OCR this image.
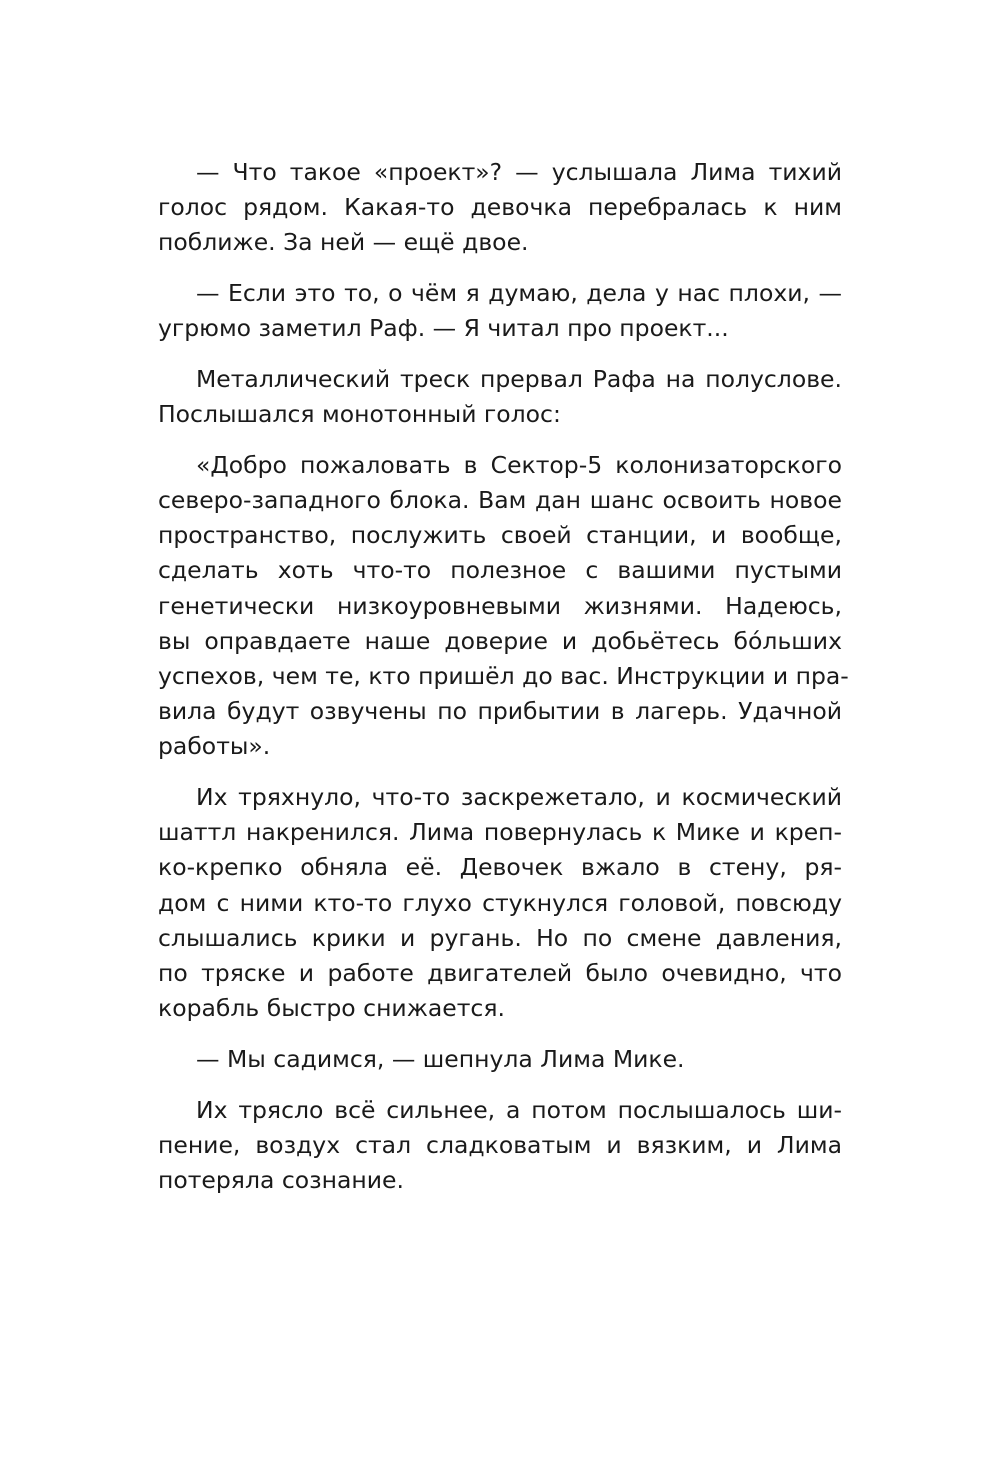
— Что такое «проект»? — услышала Лима тихий
голос рядом. Какая-то девочка перебралась к ним
поближе. За ней — ещё двое.

— Если это то, о чём я думаю, дела у нас плохи, —
угрюмо заметил Раф. — Я читал про проект...

Металлический треск прервал Рафа на полуслове.
Послышался монотонный голос:

«Добро пожаловать в Сектор-5 колонизаторского
северо-западного блока. Вам дан шанс освоить новое
пространство, послужить своей станции, и вообще,
сделать хоть что-то полезное с вашими пустыми
генетически низкоуровневыми жизнями. Надеюсь,
вы оправдаете наше доверие и добьётесь бóльших
успехов, чем те, кто пришёл до вас. Инструкции и пра-
вила будут озвучены по прибытии в лагерь. Удачной
работы».

Их тряхнуло, что-то заскрежетало, и космический
шаттл накренился. Лима повернулась к Мике и креп-
ко-крепко обняла её. Девочек вжало в стену, ря-
дом с ними кто-то глухо стукнулся головой, повсюду
слышались крики и ругань. Но по смене давления,
по тряске и работе двигателей было очевидно, что
корабль быстро снижается.

— Мы садимся, — шепнула Лима Мике.

Их трясло всё сильнее, а потом послышалось ши-
пение, воздух стал сладковатым и вязким, и Лима
потеряла сознание.
